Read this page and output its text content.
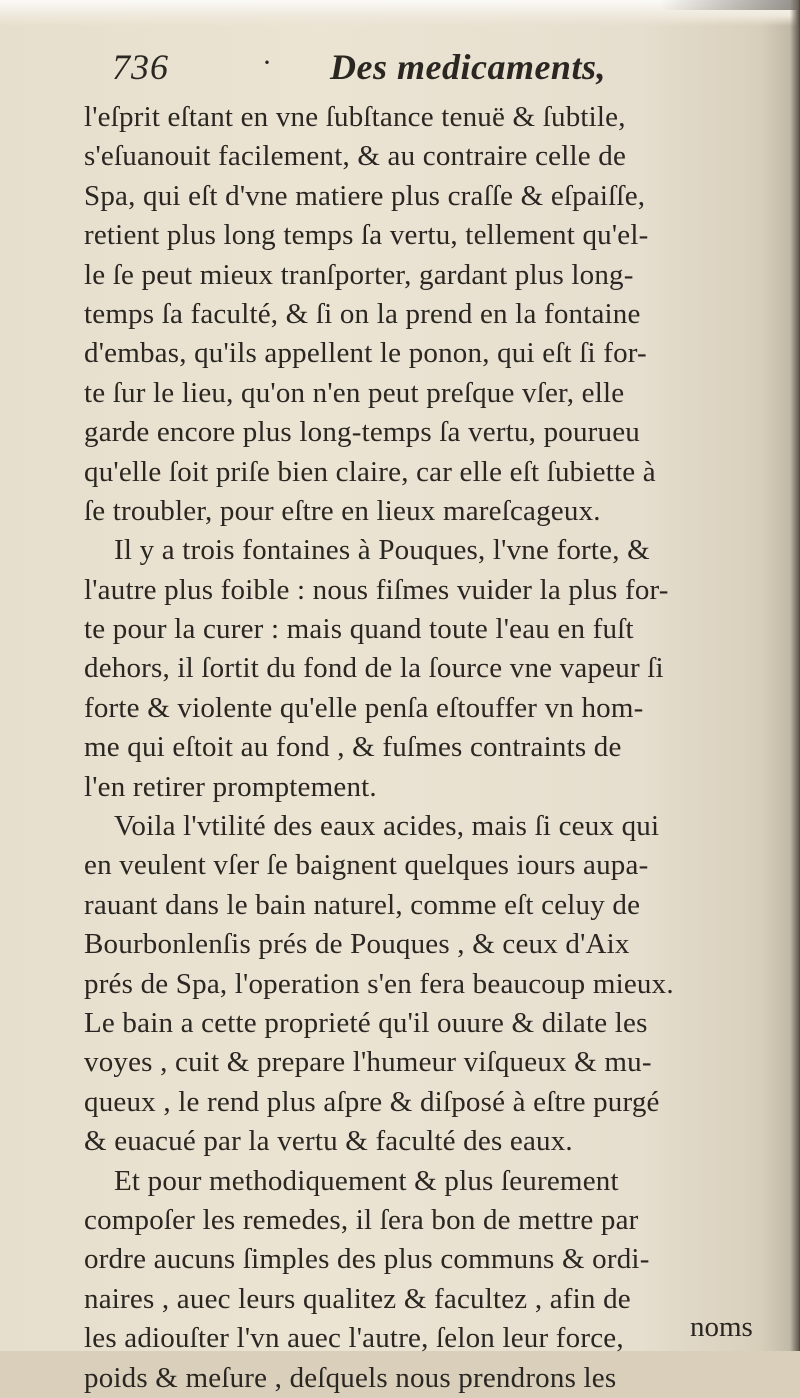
736	· Des medicaments,
l'eſprit eſtant en vne ſubſtance tenuë & ſubtile,
s'eſuanouit facilement, & au contraire celle de
Spa, qui eſt d'vne matiere plus craſſe & eſpaiſſe,
retient plus long temps ſa vertu, tellement qu'el-
le ſe peut mieux tranſporter, gardant plus long-
temps ſa faculté, & ſi on la prend en la fontaine
d'embas, qu'ils appellent le ponon, qui eſt ſi for-
te ſur le lieu, qu'on n'en peut preſque vſer, elle
garde encore plus long-temps ſa vertu, pourueu
qu'elle ſoit priſe bien claire, car elle eſt ſubiette à
ſe troubler, pour eſtre en lieux mareſcageux.
Il y a trois fontaines à Pouques, l'vne forte, &
l'autre plus foible : nous fiſmes vuider la plus for-
te pour la curer : mais quand toute l'eau en fuſt
dehors, il ſortit du fond de la ſource vne vapeur ſi
forte & violente qu'elle penſa eſtouffer vn hom-
me qui eſtoit au fond , & fuſmes contraints de
l'en retirer promptement.
Voila l'vtilité des eaux acides, mais ſi ceux qui
en veulent vſer ſe baignent quelques iours aupa-
rauant dans le bain naturel, comme eſt celuy de
Bourbonlenſis prés de Pouques , & ceux d'Aix
prés de Spa, l'operation s'en fera beaucoup mieux.
Le bain a cette proprieté qu'il ouure & dilate les
voyes , cuit & prepare l'humeur viſqueux & mu-
queux , le rend plus aſpre & diſposé à eſtre purgé
& euacué par la vertu & faculté des eaux.
Et pour methodiquement & plus ſeurement
compoſer les remedes, il ſera bon de mettre par
ordre aucuns ſimples des plus communs & ordi-
naires , auec leurs qualitez & facultez , afin de
les adiouſter l'vn auec l'autre, ſelon leur force,
poids & meſure , deſquels nous prendrons les
noms
